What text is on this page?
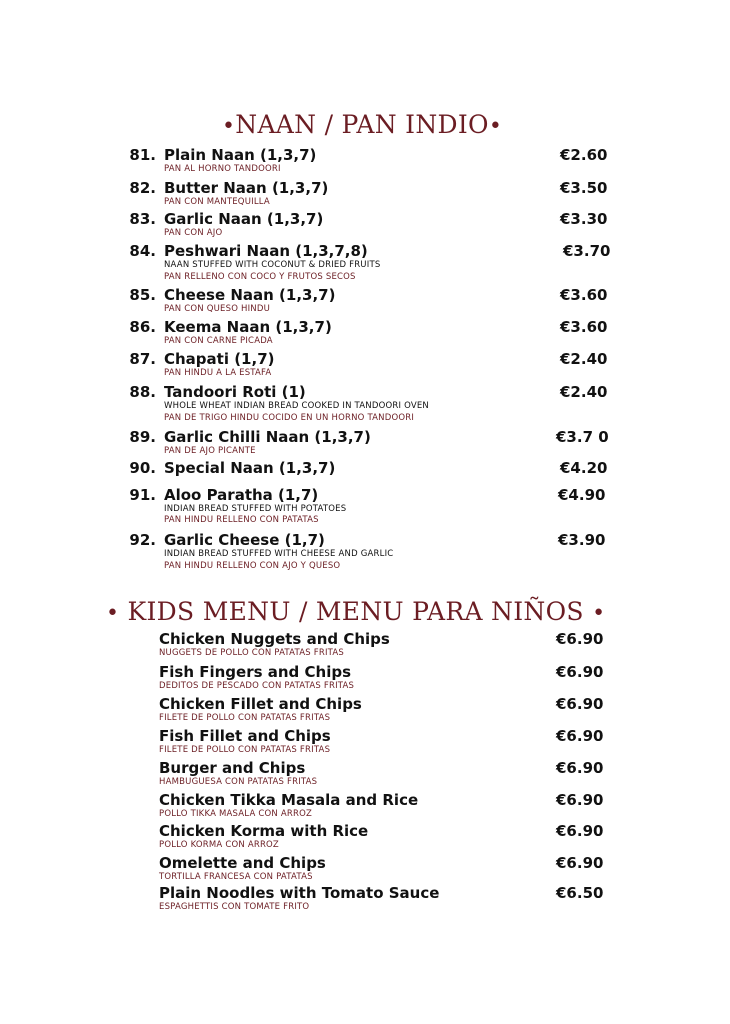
•NAAN / PAN INDIO•
81. Plain Naan (1,3,7)	€2.60
PAN AL HORNO TANDOORI
82. Butter Naan (1,3,7)	€3.50
PAN CON MANTEQUILLA
83. Garlic Naan (1,3,7)	€3.30
PAN CON AJO
84. Peshwari Naan (1,3,7,8)	€3.70
NAAN STUFFED WITH COCONUT & DRIED FRUITS
PAN RELLENO CON COCO Y FRUTOS SECOS
85. Cheese Naan (1,3,7)	€3.60
PAN CON QUESO HINDU
86. Keema Naan (1,3,7)	€3.60
PAN CON CARNE PICADA
87. Chapati (1,7)	€2.40
PAN HINDU A LA ESTAFA
88. Tandoori Roti (1)	€2.40
WHOLE WHEAT INDIAN BREAD COOKED IN TANDOORI OVEN
PAN DE TRIGO HINDU COCIDO EN UN HORNO TANDOORI
89. Garlic Chilli Naan (1,3,7)	€3.7 0
PAN DE AJO PICANTE
90. Special Naan (1,3,7)	€4.20
91. Aloo Paratha (1,7)	€4.90
INDIAN BREAD STUFFED WITH POTATOES
PAN HINDU RELLENO CON PATATAS
92. Garlic Cheese (1,7)	€3.90
INDIAN BREAD STUFFED WITH CHEESE AND GARLIC
PAN HINDU RELLENO CON AJO Y QUESO
• KIDS MENU / MENU PARA NIÑOS •
Chicken Nuggets and Chips	€6.90
NUGGETS DE POLLO CON PATATAS FRITAS
Fish Fingers and Chips	€6.90
DEDITOS DE PESCADO CON PATATAS FRITAS
Chicken Fillet and Chips	€6.90
FILETE DE POLLO CON PATATAS FRITAS
Fish Fillet and Chips	€6.90
FILETE DE POLLO CON PATATAS FRITAS
Burger and Chips	€6.90
HAMBUGUESA CON PATATAS FRITAS
Chicken Tikka Masala and Rice	€6.90
POLLO TIKKA MASALA CON ARROZ
Chicken Korma with Rice	€6.90
POLLO KORMA CON ARROZ
Omelette and Chips	€6.90
TORTILLA FRANCESA CON PATATAS
Plain Noodles with Tomato Sauce	€6.50
ESPAGHETTIS CON TOMATE FRITO
